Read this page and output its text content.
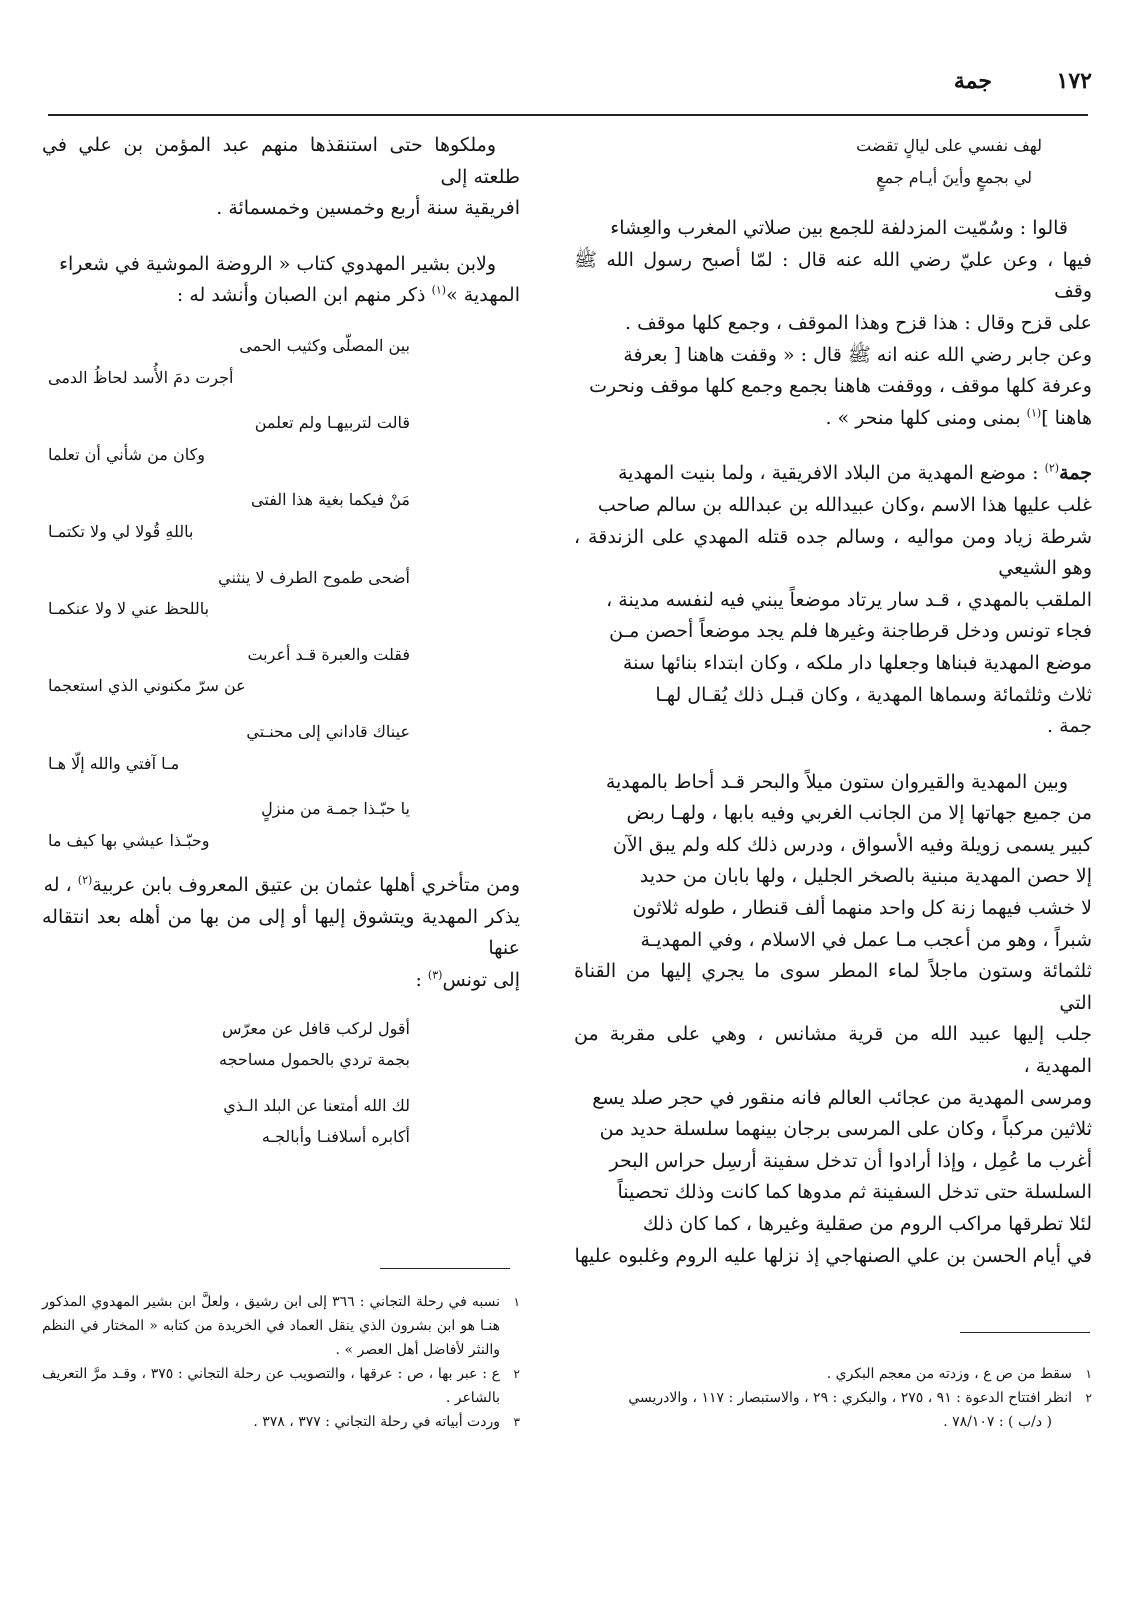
١٧٢
جمة
لهف نفسي على ليالٍ تقضت
لي بجمعٍ وأينَ أيـام جمعٍ

قالوا : وسُمّيت المزدلفة للجمع بين صلاتي المغرب والعِشاء
فيها ، وعن عليّ رضي الله عنه قال : لمّا أصبح رسول الله ﷺ وقف
على قزح وقال : هذا قزح وهذا الموقف ، وجمع كلها موقف .
وعن جابر رضي الله عنه انه ﷺ قال : « وقفت هاهنا [ بعرفة
وعرفة كلها موقف ، ووقفت هاهنا بجمع وجمع كلها موقف ونحرت
هاهنا ]$^{(١)}$ بمنى ومنى كلها منحر » .

جمة$^{(٢)}$ : موضع المهدية من البلاد الافريقية ، ولما بنيت المهدية
غلب عليها هذا الاسم ،وكان عبيدالله بن عبدالله بن سالم صاحب
شرطة زياد ومن مواليه ، وسالم جده قتله المهدي على الزندقة ، وهو الشيعي
الملقب بالمهدي ، قـد سار يرتاد موضعاً يبني فيه لنفسه مدينة ،
فجاء تونس ودخل قرطاجنة وغيرها فلم يجد موضعاً أحصن مـن
موضع المهدية فبناها وجعلها دار ملكه ، وكان ابتداء بنائها سنة
ثلاث وثلثمائة وسماها المهدية ، وكان قبـل ذلك يُقـال لهـا
جمة .

وبين المهدية والقيروان ستون ميلاً والبحر قـد أحاط بالمهدية
من جميع جهاتها إلا من الجانب الغربي وفيه بابها ، ولهـا ربض
كبير يسمى زويلة وفيه الأسواق ، ودرس ذلك كله ولم يبق الآن
إلا حصن المهدية مبنية بالصخر الجليل ، ولها بابان من حديد
لا خشب فيهما زنة كل واحد منهما ألف قنطار ، طوله ثلاثون
شبراً ، وهو من أعجب مـا عمل في الاسلام ، وفي المهديـة
ثلثمائة وستون ماجلاً لماء المطر سوى ما يجري إليها من القناة التي
جلب إليها عبيد الله من قرية مشانس ، وهي على مقربة من المهدية ،
ومرسى المهدية من عجائب العالم فانه منقور في حجر صلد يسع
ثلاثين مركباً ، وكان على المرسى برجان بينهما سلسلة حديد من
أغرب ما عُمِل ، وإذا أرادوا أن تدخل سفينة أرسِل حراس البحر
السلسلة حتى تدخل السفينة ثم مدوها كما كانت وذلك تحصيناً
لئلا تطرقها مراكب الروم من صقلية وغيرها ، كما كان ذلك
في أيام الحسن بن علي الصنهاجي إذ نزلها عليه الروم وغلبوه عليها

١
سقط من ص ع ، وزدته من معجم البكري .
٢
انظر افتتاح الدعوة : ٩١ ، ٢٧٥ ، والبكري : ٢٩ ، والاستبصار : ١١٧ ، والادريسي
( د/ب ) : ٧٨/١٠٧ .

وملكوها حتى استنقذها منهم عبد المؤمن بن علي في طلعته إلى
افريقية سنة أربع وخمسين وخمسمائة .

ولابن بشير المهدوي كتاب « الروضة الموشية في شعراء
المهدية »$^{(١)}$ ذكر منهم ابن الصبان وأنشد له :

بين المصلّى وكثيب الحمى
أجرت دمَ الأُسد لحاظُ الدمى
قالت لتربيهـا ولم تعلمن
وكان من شأني أن تعلما
مَنْ فيكما بغية هذا الفتى
باللهِ قُولا لي ولا تكتمـا
أضحى طموح الطرف لا ينثني
باللحظ عني لا ولا عنكمـا
فقلت والعبرة قـد أعربت
عن سرّ مكنوني الذي استعجما
عيناك قاداني إلى محنـتي
مـا آفتي والله إلّا هـا
يا حبّـذا جمـة من منزلٍ
وحبّـذا عيشي بها كيف ما

ومن متأخري أهلها عثمان بن عتيق المعروف بابن عربية$^{(٢)}$ ، له
يذكر المهدية ويتشوق إليها أو إلى من بها من أهله بعد انتقاله عنها
إلى تونس$^{(٣)}$ :

أقول لركب قافل عن معرّس
بجمة تردي بالحمول مساحجه
لك الله أمتعنا عن البلد الـذي
أكابره أسلافنـا وأبالجـه
١
نسبه في رحلة التجاني : ٣٦٦ إلى ابن رشيق ، ولعلَّ ابن بشير المهدوي المذكور هنـا هو ابن بشرون الذي ينقل العماد في الخريدة من كتابه « المختار في النظم والنثر لأفاضل أهل العصر » .
٢
ع : عبر بها ، ص : عرقها ، والتصويب عن رحلة التجاني : ٣٧٥ ، وقـد مرَّ التعريف بالشاعر .
٣
وردت أبياته في رحلة التجاني : ٣٧٧ ، ٣٧٨ .
